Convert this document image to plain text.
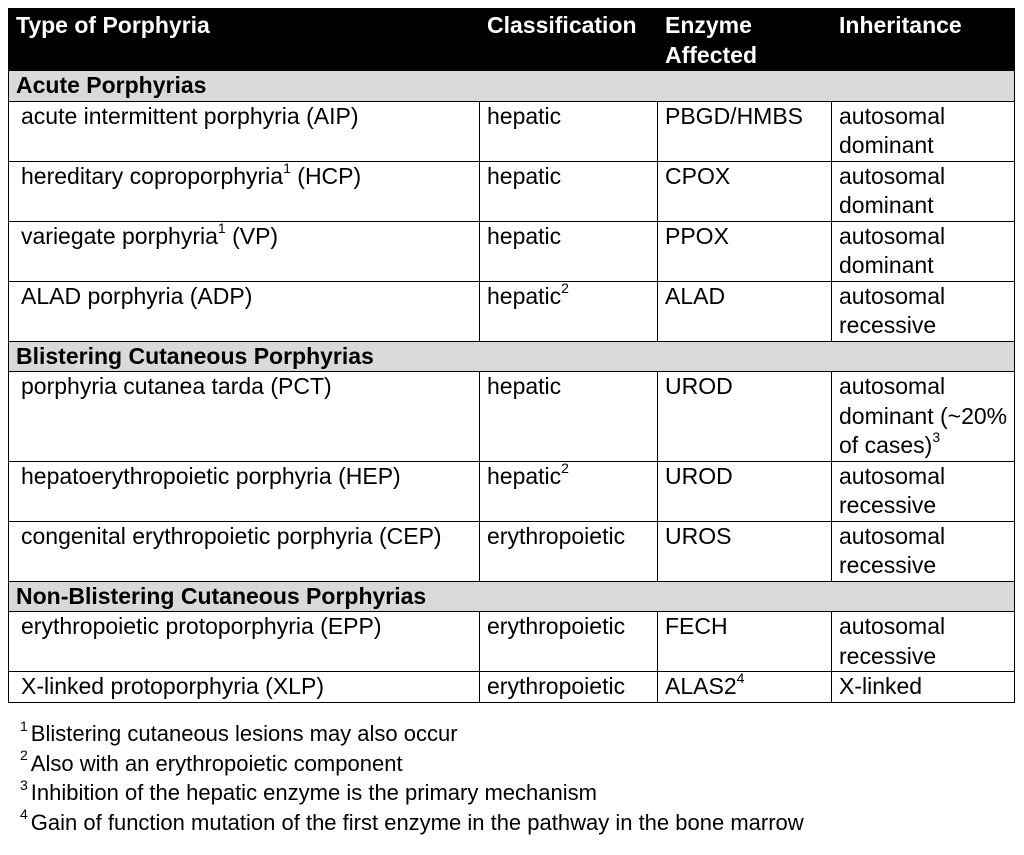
Type of Porphyria	Classification	Enzyme Affected	Inheritance
Acute Porphyrias			
acute intermittent porphyria (AIP)	hepatic	PBGD/HMBS	autosomal dominant
hereditary coproporphyria$^1$ (HCP)	hepatic	CPOX	autosomal dominant
variegate porphyria$^1$ (VP)	hepatic	PPOX	autosomal dominant
ALAD porphyria (ADP)	hepatic$^2$	ALAD	autosomal recessive
Blistering Cutaneous Porphyrias			
porphyria cutanea tarda (PCT)	hepatic	UROD	autosomal dominant (~20% of cases)$^3$
hepatoerythropoietic porphyria (HEP)	hepatic$^2$	UROD	autosomal recessive
congenital erythropoietic porphyria (CEP)	erythropoietic	UROS	autosomal recessive
Non-Blistering Cutaneous Porphyrias			
erythropoietic protoporphyria (EPP)	erythropoietic	FECH	autosomal recessive
X-linked protoporphyria (XLP)	erythropoietic	$ALAS2^4$	X-linked
$^1$ Blistering cutaneous lesions may also occur
$^2$ Also with an erythropoietic component
$^3$ Inhibition of the hepatic enzyme is the primary mechanism
$^4$ Gain of function mutation of the first enzyme in the pathway in the bone marrow
